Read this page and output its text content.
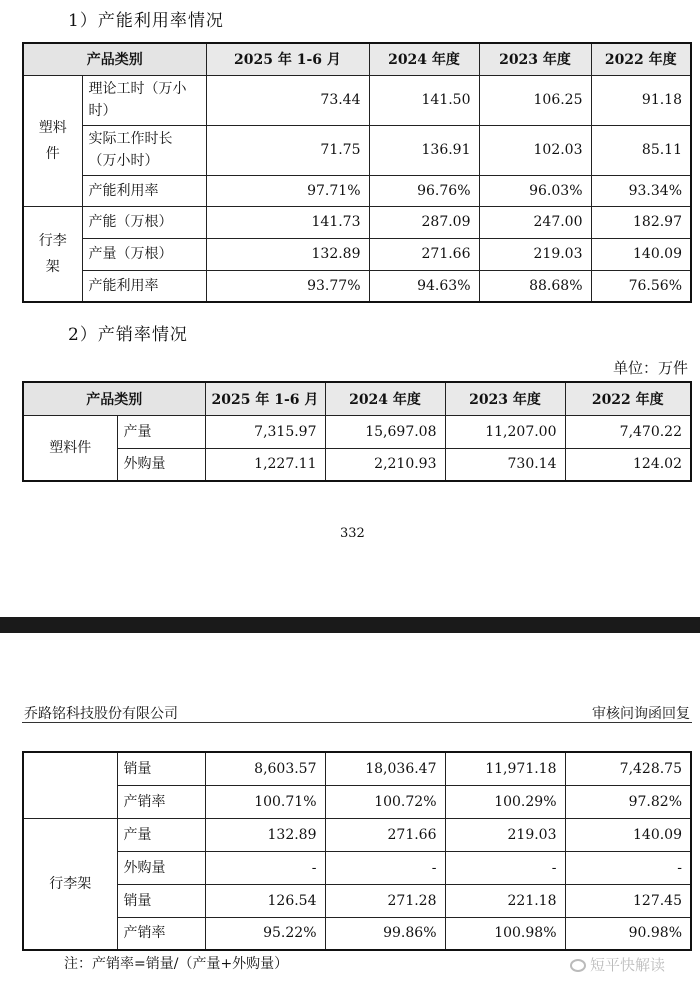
1）产能利用率情况
产品类别		2025 年 1-6 月	2024 年度	2023 年度	2022 年度
塑料件	理论工时（万小时）	73.44	141.50	106.25	91.18
	实际工作时长（万小时）	71.75	136.91	102.03	85.11
	产能利用率	97.71%	96.76%	96.03%	93.34%
行李架	产能（万根）	141.73	287.09	247.00	182.97
	产量（万根）	132.89	271.66	219.03	140.09
	产能利用率	93.77%	94.63%	88.68%	76.56%
2）产销率情况
单位：万件
产品类别		2025 年 1-6 月	2024 年度	2023 年度	2022 年度
塑料件	产量	7,315.97	15,697.08	11,207.00	7,470.22
	外购量	1,227.11	2,210.93	730.14	124.02
332
乔路铭科技股份有限公司	审核问询函回复
	销量	8,603.57	18,036.47	11,971.18	7,428.75
	产销率	100.71%	100.72%	100.29%	97.82%
行李架	产量	132.89	271.66	219.03	140.09
	外购量	-	-	-	-
	销量	126.54	271.28	221.18	127.45
	产销率	95.22%	99.86%	100.98%	90.98%
注：产销率=销量/（产量+外购量）	短平快解读
